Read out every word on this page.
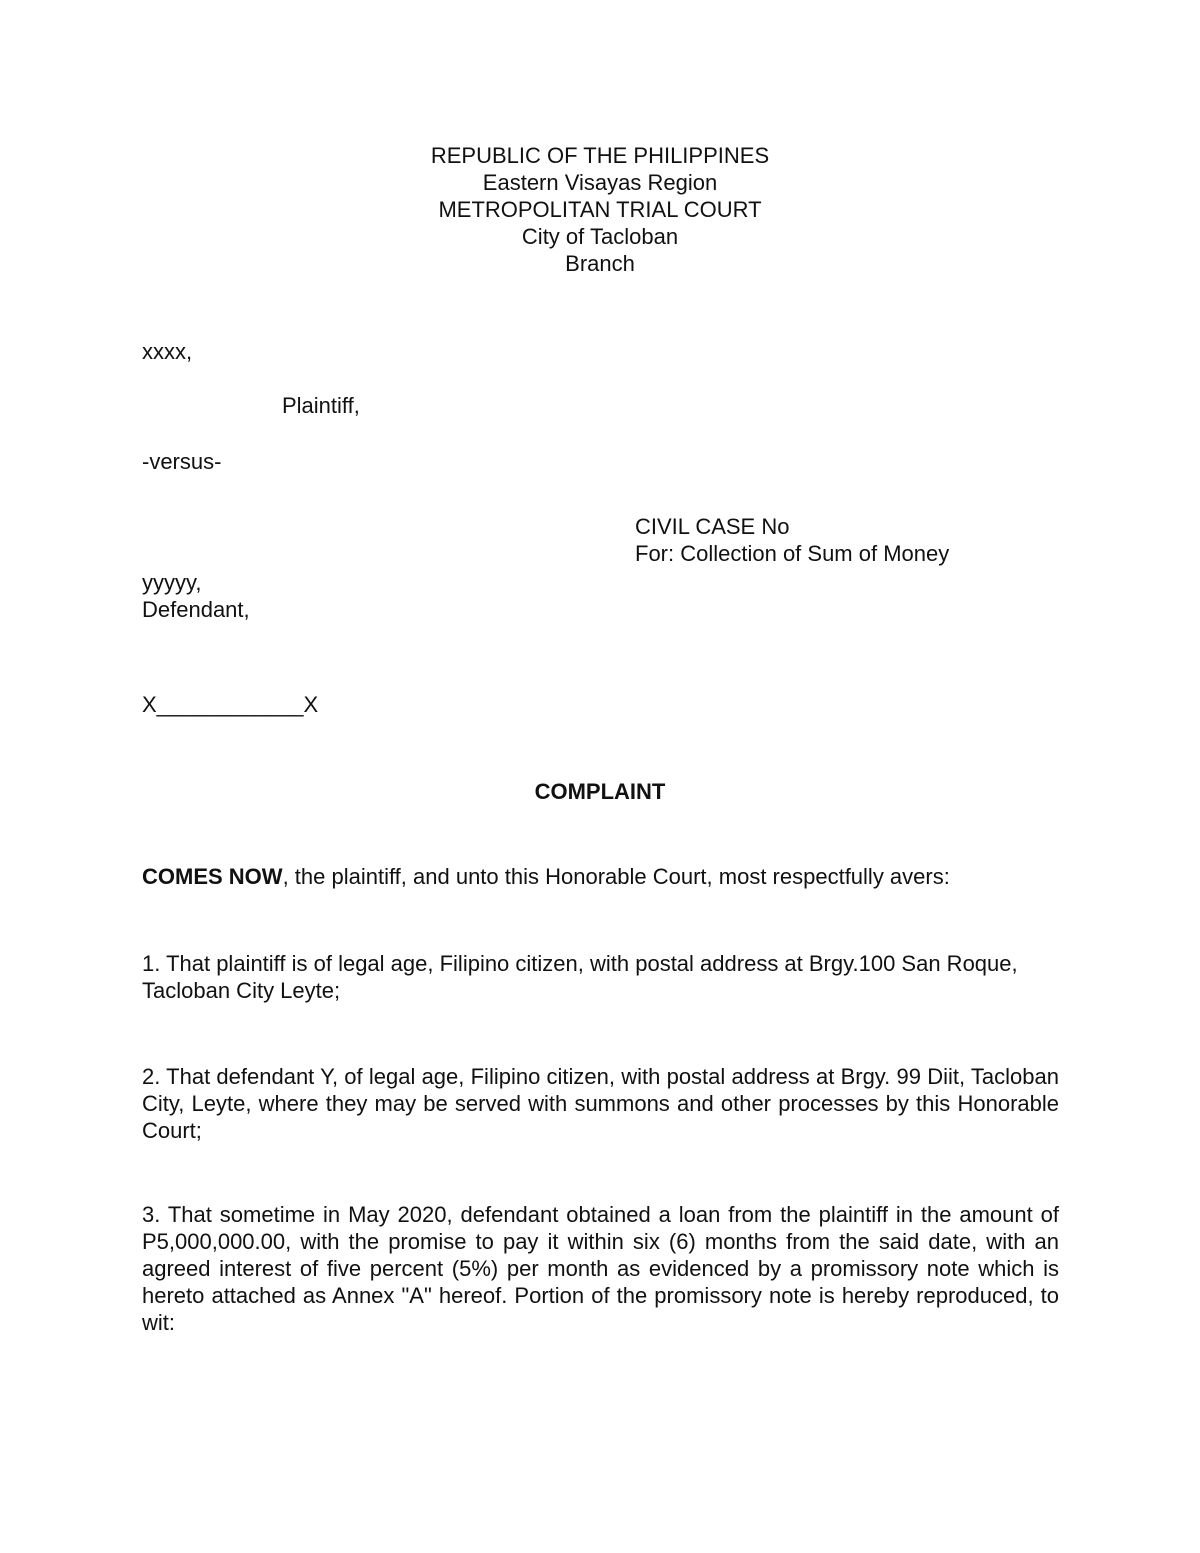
REPUBLIC OF THE PHILIPPINES
Eastern Visayas Region
METROPOLITAN TRIAL COURT
City of Tacloban
Branch
xxxx,
Plaintiff,
-versus-
CIVIL CASE No
For: Collection of Sum of Money
yyyyy,
Defendant,
X____________X
COMPLAINT
COMES NOW, the plaintiff, and unto this Honorable Court, most respectfully avers:
1. That plaintiff is of legal age, Filipino citizen, with postal address at Brgy.100 San Roque, Tacloban City Leyte;
2. That defendant Y, of legal age, Filipino citizen, with postal address at Brgy. 99 Diit, Tacloban City, Leyte, where they may be served with summons and other processes by this Honorable Court;
3. That sometime in May 2020, defendant obtained a loan from the plaintiff in the amount of P5,000,000.00, with the promise to pay it within six (6) months from the said date, with an agreed interest of five percent (5%) per month as evidenced by a promissory note which is hereto attached as Annex "A" hereof. Portion of the promissory note is hereby reproduced, to wit:
